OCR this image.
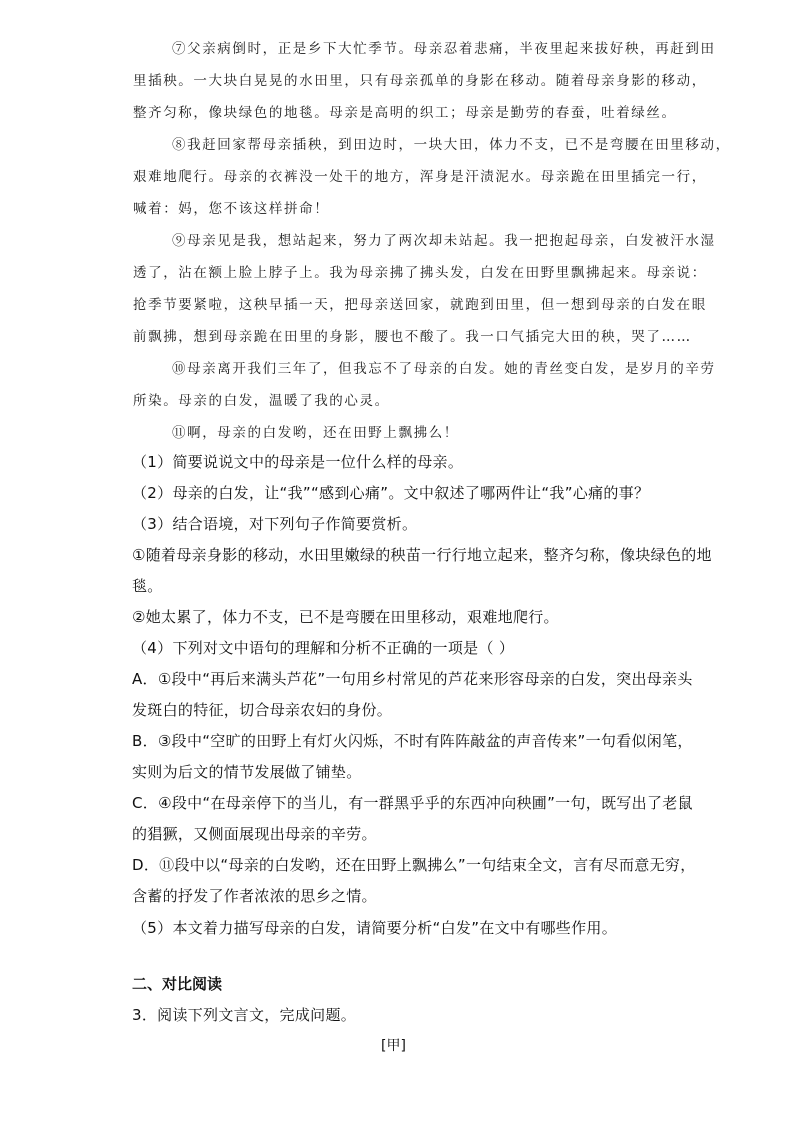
⑦父亲病倒时，正是乡下大忙季节。母亲忍着悲痛，半夜里起来拔好秧，再赶到田

里插秧。一大块白晃晃的水田里，只有母亲孤单的身影在移动。随着母亲身影的移动，

整齐匀称，像块绿色的地毯。母亲是高明的织工；母亲是勤劳的春蚕，吐着绿丝。

⑧我赶回家帮母亲插秧，到田边时，一块大田，体力不支，已不是弯腰在田里移动，

艰难地爬行。母亲的衣裤没一处干的地方，浑身是汗渍泥水。母亲跪在田里插完一行，

喊着：妈，您不该这样拼命！

⑨母亲见是我，想站起来，努力了两次却未站起。我一把抱起母亲，白发被汗水湿

透了，沾在额上脸上脖子上。我为母亲拂了拂头发，白发在田野里飘拂起来。母亲说：

抢季节要紧啦，这秧早插一天，把母亲送回家，就跑到田里，但一想到母亲的白发在眼

前飘拂，想到母亲跪在田里的身影，腰也不酸了。我一口气插完大田的秧，哭了……

⑩母亲离开我们三年了，但我忘不了母亲的白发。她的青丝变白发，是岁月的辛劳

所染。母亲的白发，温暖了我的心灵。

⑪啊，母亲的白发哟，还在田野上飘拂么！

（1）简要说说文中的母亲是一位什么样的母亲。

（2）母亲的白发，让“我”“感到心痛”。文中叙述了哪两件让“我”心痛的事？

（3）结合语境，对下列句子作简要赏析。

①随着母亲身影的移动，水田里嫩绿的秧苗一行行地立起来，整齐匀称，像块绿色的地

毯。

②她太累了，体力不支，已不是弯腰在田里移动，艰难地爬行。

（4）下列对文中语句的理解和分析不正确的一项是（ ）

A．①段中“再后来满头芦花”一句用乡村常见的芦花来形容母亲的白发，突出母亲头

发斑白的特征，切合母亲农妇的身份。

B．③段中“空旷的田野上有灯火闪烁，不时有阵阵敲盆的声音传来”一句看似闲笔，

实则为后文的情节发展做了铺垫。

C．④段中“在母亲停下的当儿，有一群黑乎乎的东西冲向秧圃”一句，既写出了老鼠

的猖獗，又侧面展现出母亲的辛劳。

D．⑪段中以“母亲的白发哟，还在田野上飘拂么”一句结束全文，言有尽而意无穷，

含蓄的抒发了作者浓浓的思乡之情。

（5）本文着力描写母亲的白发，请简要分析“白发”在文中有哪些作用。

二、对比阅读

3．阅读下列文言文，完成问题。

[甲]
